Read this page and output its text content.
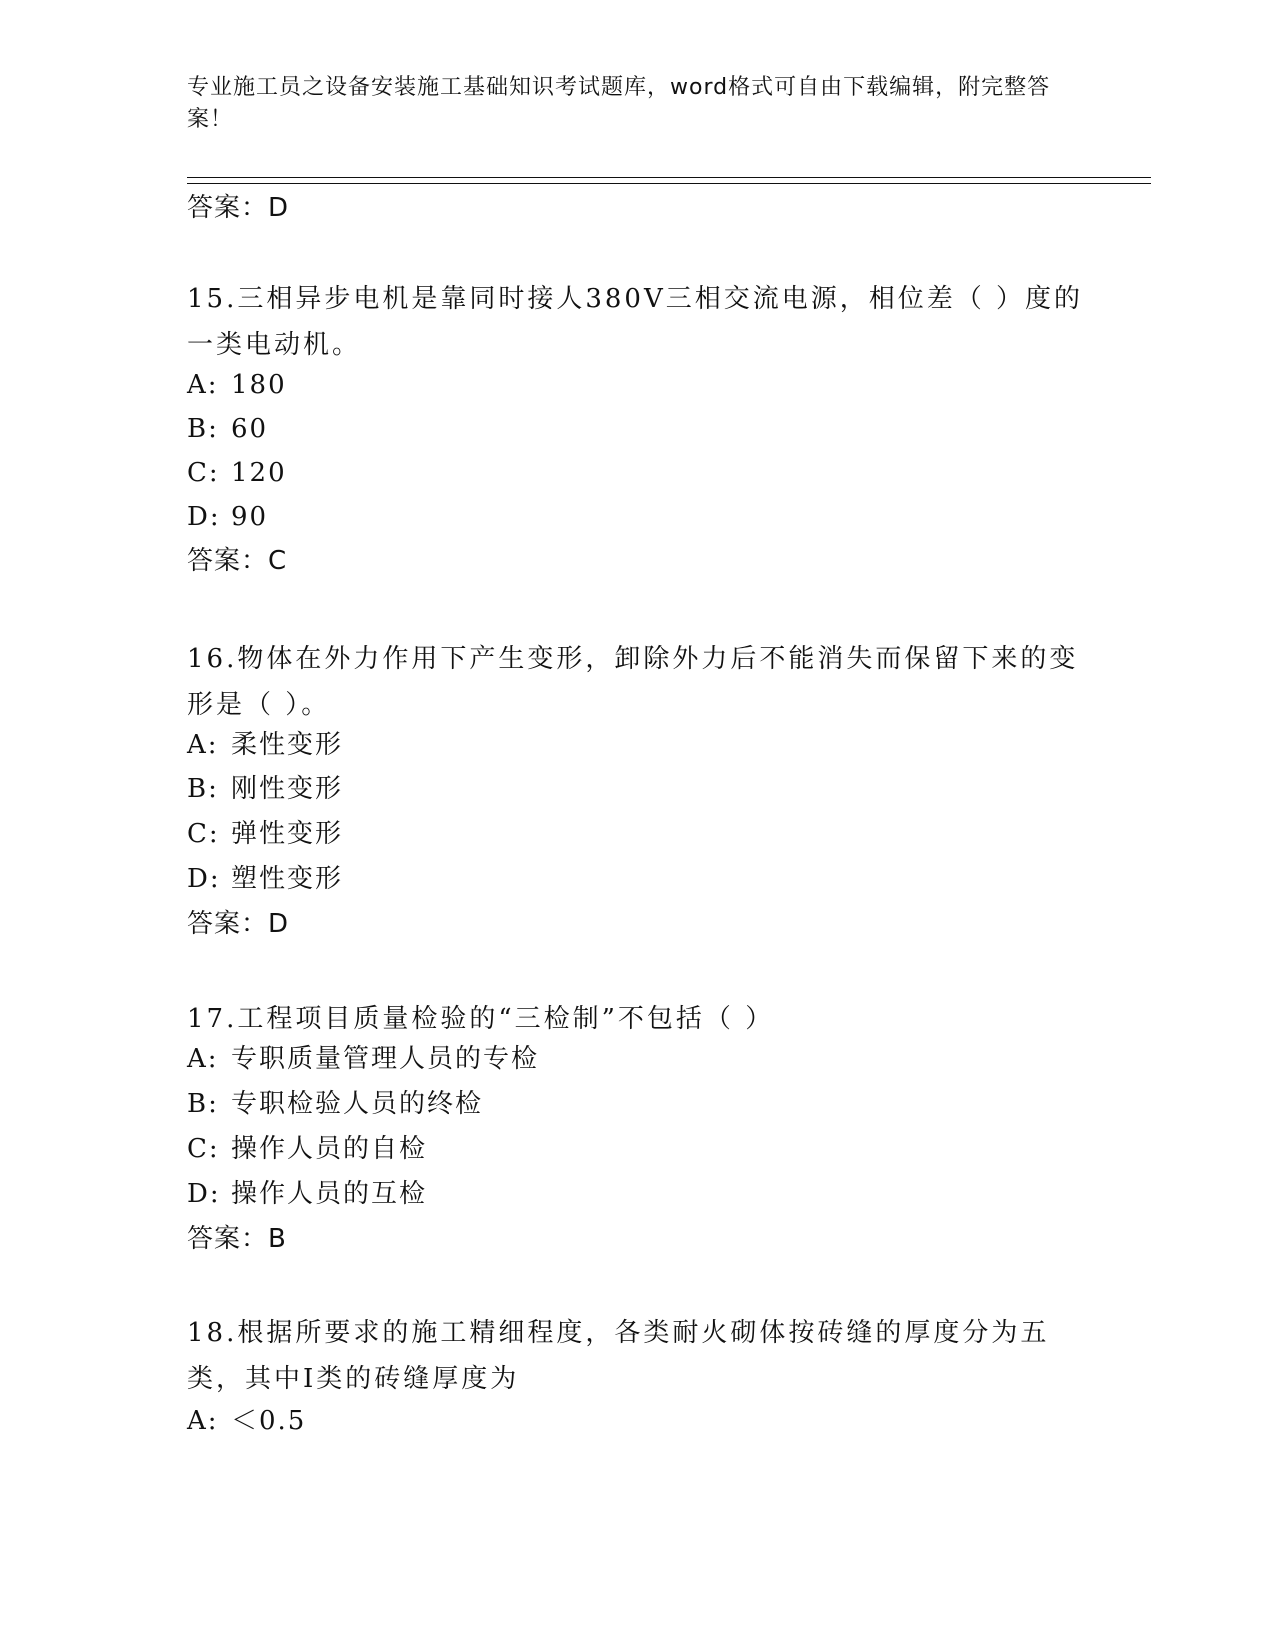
专业施工员之设备安装施工基础知识考试题库，word格式可自由下载编辑，附完整答案！
答案：D
15.三相异步电机是靠同时接人380V三相交流电源，相位差（ ）度的一类电动机。
A: 180
B: 60
C: 120
D: 90
答案：C
16.物体在外力作用下产生变形，卸除外力后不能消失而保留下来的变形是（ ）。
A: 柔性变形
B: 刚性变形
C: 弹性变形
D: 塑性变形
答案：D
17.工程项目质量检验的“三检制”不包括（ ）
A: 专职质量管理人员的专检
B: 专职检验人员的终检
C: 操作人员的自检
D: 操作人员的互检
答案：B
18.根据所要求的施工精细程度，各类耐火砌体按砖缝的厚度分为五类，其中Ⅰ类的砖缝厚度为
A: ＜0.5
